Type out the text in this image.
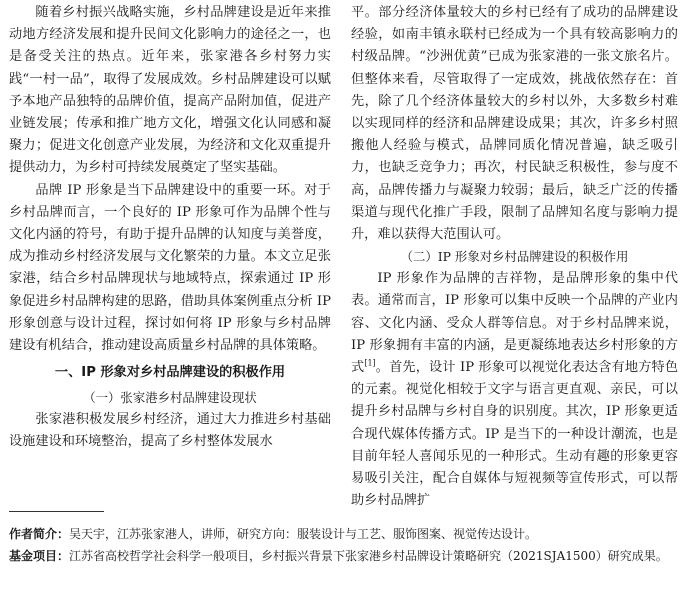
随着乡村振兴战略实施，乡村品牌建设是近年来推动地方经济发展和提升民间文化影响力的途径之一，也是备受关注的热点。近年来，张家港各乡村努力实践“一村一品”，取得了发展成效。乡村品牌建设可以赋予本地产品独特的品牌价值，提高产品附加值，促进产业链发展；传承和推广地方文化，增强文化认同感和凝聚力；促进文化创意产业发展，为经济和文化双重提升提供动力，为乡村可持续发展奠定了坚实基础。

品牌 IP 形象是当下品牌建设中的重要一环。对于乡村品牌而言，一个良好的 IP 形象可作为品牌个性与文化内涵的符号，有助于提升品牌的认知度与美誉度，成为推动乡村经济发展与文化繁荣的力量。本文立足张家港，结合乡村品牌现状与地域特点，探索通过 IP 形象促进乡村品牌构建的思路，借助具体案例重点分析 IP 形象创意与设计过程，探讨如何将 IP 形象与乡村品牌建设有机结合，推动建设高质量乡村品牌的具体策略。

一、IP 形象对乡村品牌建设的积极作用
（一）张家港乡村品牌建设现状

张家港积极发展乡村经济，通过大力推进乡村基础设施建设和环境整治，提高了乡村整体发展水

平。部分经济体量较大的乡村已经有了成功的品牌建设经验，如南丰镇永联村已经成为一个具有较高影响力的村级品牌。“沙洲优黄”已成为张家港的一张文旅名片。但整体来看，尽管取得了一定成效，挑战依然存在：首先，除了几个经济体量较大的乡村以外，大多数乡村难以实现同样的经济和品牌建设成果；其次，许多乡村照搬他人经验与模式，品牌同质化情况普遍，缺乏吸引力，也缺乏竞争力；再次，村民缺乏积极性，参与度不高，品牌传播力与凝聚力较弱；最后，缺乏广泛的传播渠道与现代化推广手段，限制了品牌知名度与影响力提升，难以获得大范围认可。

（二）IP 形象对乡村品牌建设的积极作用

IP 形象作为品牌的吉祥物，是品牌形象的集中代表。通常而言，IP 形象可以集中反映一个品牌的产业内容、文化内涵、受众人群等信息。对于乡村品牌来说，IP 形象拥有丰富的内涵，是更凝练地表达乡村形象的方式[1]。首先，设计 IP 形象可以视觉化表达含有地方特色的元素。视觉化相较于文字与语言更直观、亲民，可以提升乡村品牌与乡村自身的识别度。其次，IP 形象更适合现代媒体传播方式。IP 是当下的一种设计潮流，也是目前年轻人喜闻乐见的一种形式。生动有趣的形象更容易吸引关注，配合自媒体与短视频等宣传形式，可以帮助乡村品牌扩

作者简介：吴天宇，江苏张家港人，讲师，研究方向：服装设计与工艺、服饰图案、视觉传达设计。
基金项目：江苏省高校哲学社会科学一般项目，乡村振兴背景下张家港乡村品牌设计策略研究（2021SJA1500）研究成果。
